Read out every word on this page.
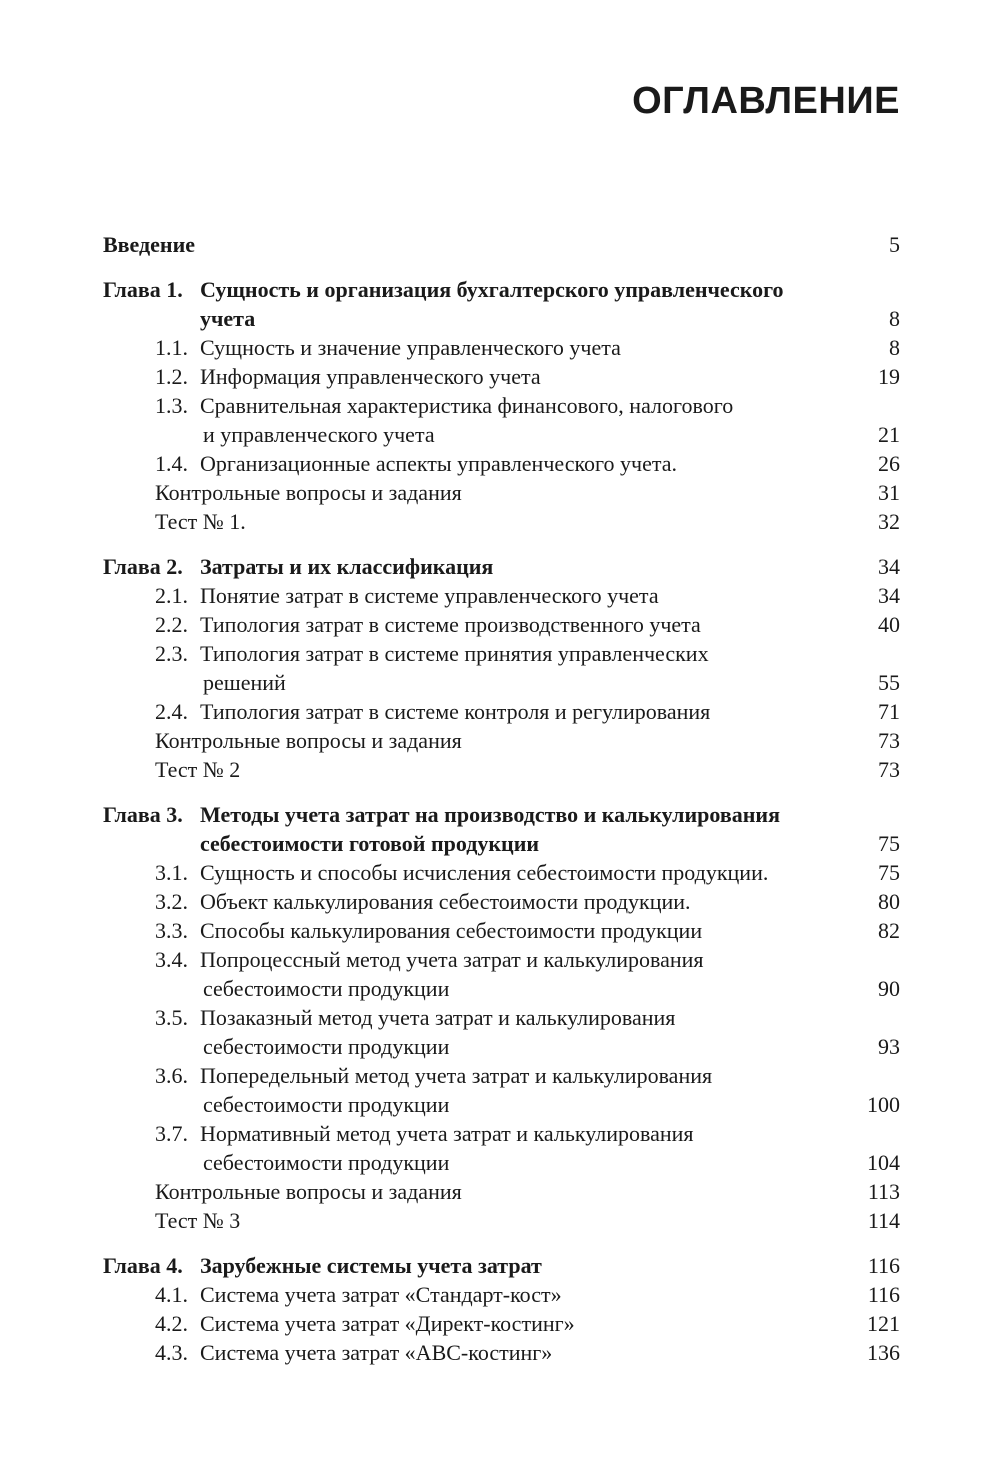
ОГЛАВЛЕНИЕ
Введение	5
Глава 1. Сущность и организация бухгалтерского управленческого
учета	8
1.1. Сущность и значение управленческого учета	8
1.2. Информация управленческого учета	19
1.3. Сравнительная характеристика финансового, налогового
и управленческого учета	21
1.4. Организационные аспекты управленческого учета.	26
Контрольные вопросы и задания	31
Тест № 1.	32
Глава 2. Затраты и их классификация	34
2.1. Понятие затрат в системе управленческого учета	34
2.2. Типология затрат в системе производственного учета	40
2.3. Типология затрат в системе принятия управленческих
решений	55
2.4. Типология затрат в системе контроля и регулирования	71
Контрольные вопросы и задания	73
Тест № 2	73
Глава 3. Методы учета затрат на производство и калькулирования
себестоимости готовой продукции	75
3.1. Сущность и способы исчисления себестоимости продукции.	75
3.2. Объект калькулирования себестоимости продукции.	80
3.3. Способы калькулирования себестоимости продукции	82
3.4. Попроцессный метод учета затрат и калькулирования
себестоимости продукции	90
3.5. Позаказный метод учета затрат и калькулирования
себестоимости продукции	93
3.6. Попередельный метод учета затрат и калькулирования
себестоимости продукции	100
3.7. Нормативный метод учета затрат и калькулирования
себестоимости продукции	104
Контрольные вопросы и задания	113
Тест № 3	114
Глава 4. Зарубежные системы учета затрат	116
4.1. Система учета затрат «Стандарт-кост»	116
4.2. Система учета затрат «Директ-костинг»	121
4.3. Система учета затрат «ABC-костинг»	136
